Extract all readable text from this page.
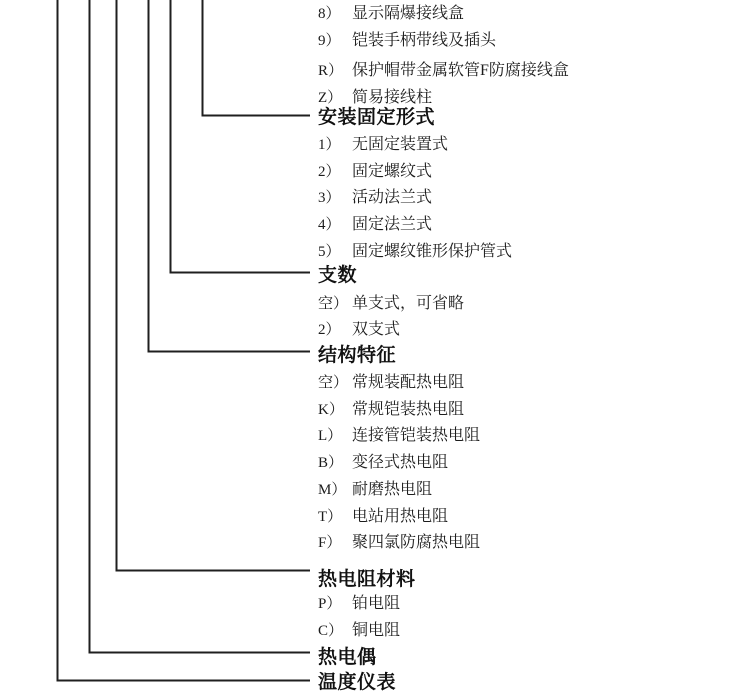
8） 显示隔爆接线盒
9） 铠装手柄带线及插头
R） 保护帽带金属软管F防腐接线盒
Z） 简易接线柱
安装固定形式
1） 无固定装置式
2） 固定螺纹式
3） 活动法兰式
4） 固定法兰式
5） 固定螺纹锥形保护管式
支数
空） 单支式，可省略
2） 双支式
结构特征
空） 常规装配热电阻
K） 常规铠装热电阻
L） 连接管铠装热电阻
B） 变径式热电阻
M） 耐磨热电阻
T） 电站用热电阻
F） 聚四氯防腐热电阻
热电阻材料
P） 铂电阻
C） 铜电阻
热电偶
温度仪表
